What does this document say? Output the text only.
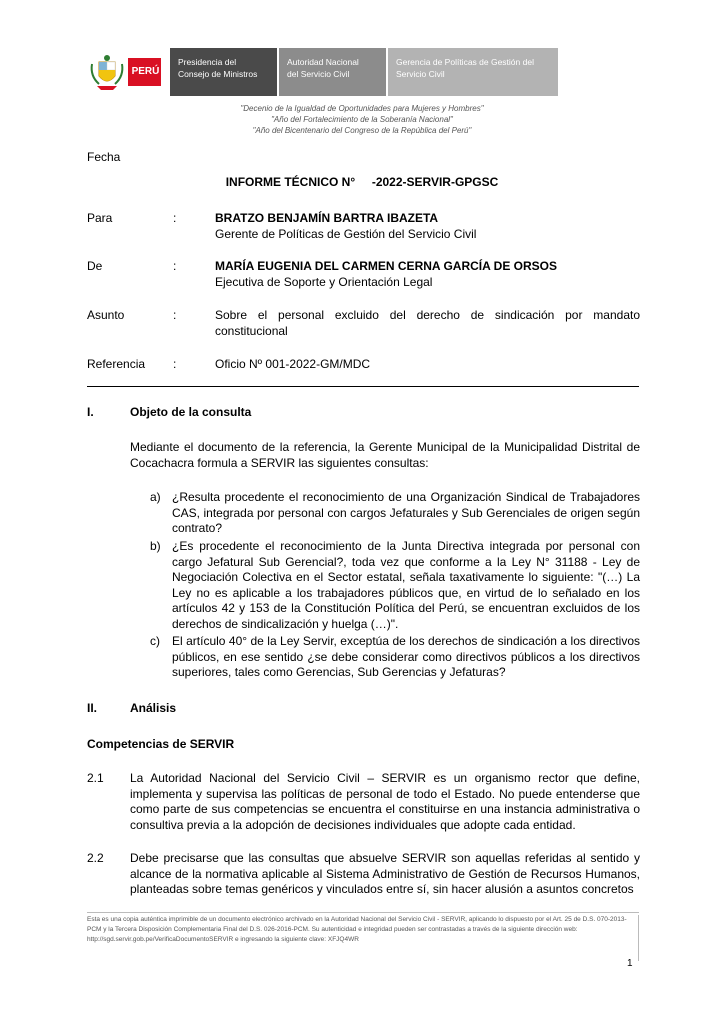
PERÚ
Presidencia del
Consejo de Ministros
Autoridad Nacional
del Servicio Civil
Gerencia de Políticas de Gestión del
Servicio Civil
"Decenio de la Igualdad de Oportunidades para Mujeres y Hombres"
"Año del Fortalecimiento de la Soberanía Nacional"
"Año del Bicentenario del Congreso de la República del Perú"
Fecha
INFORME TÉCNICO N°     -2022-SERVIR-GPGSC
Para	:	BRATZO BENJAMÍN BARTRA IBAZETA
Gerente de Políticas de Gestión del Servicio Civil
De	:	MARÍA EUGENIA DEL CARMEN CERNA GARCÍA DE ORSOS
Ejecutiva de Soporte y Orientación Legal
Asunto	:	Sobre el personal excluido del derecho de sindicación por mandato constitucional
Referencia :	Oficio Nº 001-2022-GM/MDC
I.	Objeto de la consulta
Mediante el documento de la referencia, la Gerente Municipal de la Municipalidad Distrital de Cocachacra formula a SERVIR las siguientes consultas:
a) ¿Resulta procedente el reconocimiento de una Organización Sindical de Trabajadores CAS, integrada por personal con cargos Jefaturales y Sub Gerenciales de origen según contrato?
b) ¿Es procedente el reconocimiento de la Junta Directiva integrada por personal con cargo Jefatural Sub Gerencial?, toda vez que conforme a la Ley N° 31188 - Ley de Negociación Colectiva en el Sector estatal, señala taxativamente lo siguiente: "(…) La Ley no es aplicable a los trabajadores públicos que, en virtud de lo señalado en los artículos 42 y 153 de la Constitución Política del Perú, se encuentran excluidos de los derechos de sindicalización y huelga (…)".
c) El artículo 40° de la Ley Servir, exceptúa de los derechos de sindicación a los directivos públicos, en ese sentido ¿se debe considerar como directivos públicos a los directivos superiores, tales como Gerencias, Sub Gerencias y Jefaturas?
II.	Análisis
Competencias de SERVIR
2.1 La Autoridad Nacional del Servicio Civil – SERVIR es un organismo rector que define, implementa y supervisa las políticas de personal de todo el Estado. No puede entenderse que como parte de sus competencias se encuentra el constituirse en una instancia administrativa o consultiva previa a la adopción de decisiones individuales que adopte cada entidad.
2.2 Debe precisarse que las consultas que absuelve SERVIR son aquellas referidas al sentido y alcance de la normativa aplicable al Sistema Administrativo de Gestión de Recursos Humanos, planteadas sobre temas genéricos y vinculados entre sí, sin hacer alusión a asuntos concretos
Esta es una copia auténtica imprimible de un documento electrónico archivado en la Autoridad Nacional del Servicio Civil - SERVIR, aplicando lo dispuesto por el Art. 25 de D.S. 070-2013-PCM y la Tercera Disposición Complementaria Final del D.S. 026-2016-PCM. Su autenticidad e integridad pueden ser contrastadas a través de la siguiente dirección web: http://sgd.servir.gob.pe/VerificaDocumentoSERVIR e ingresando la siguiente clave: XFJQ4WR
1
